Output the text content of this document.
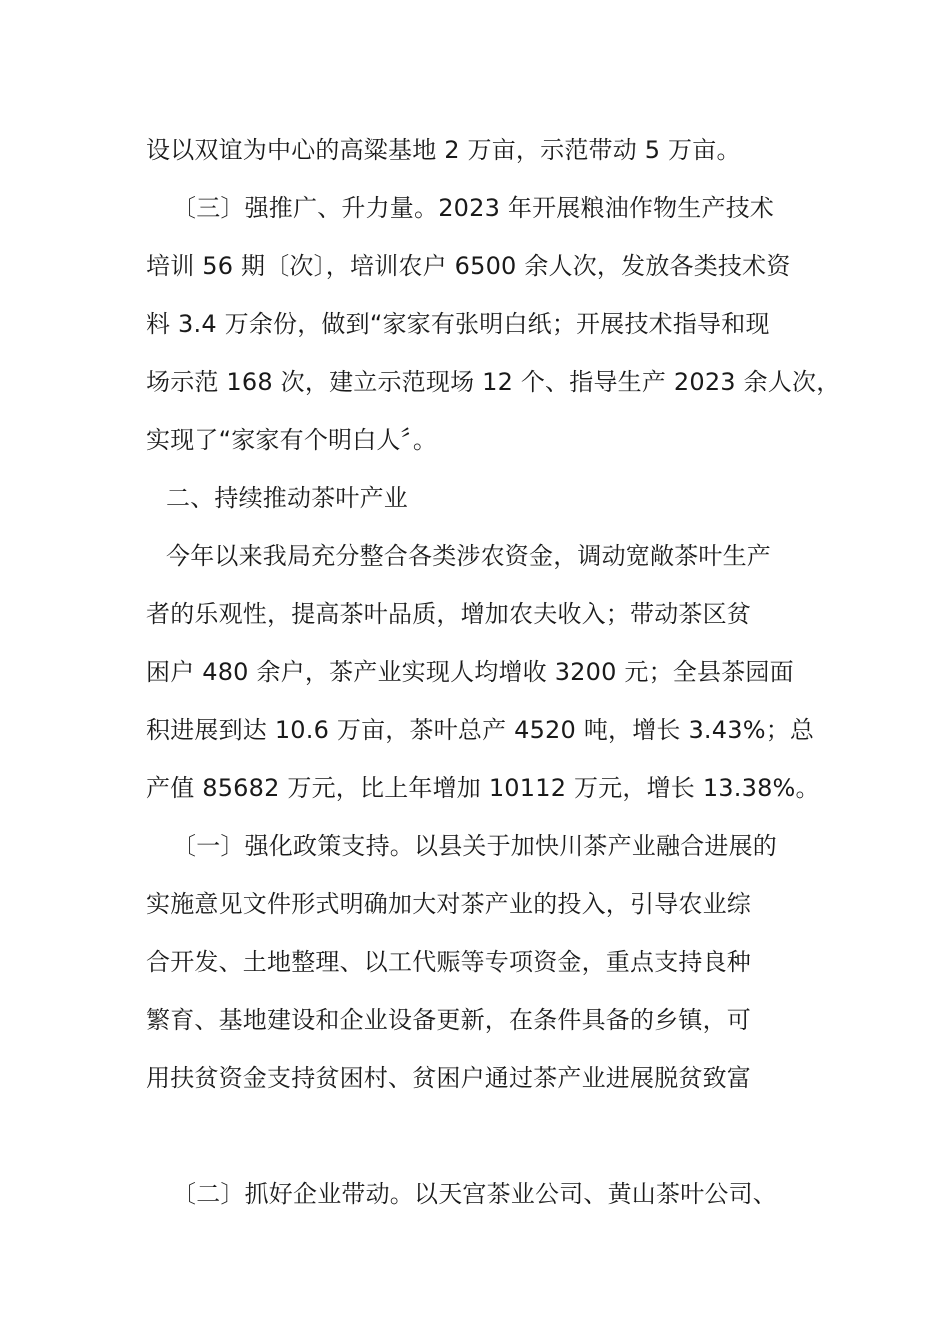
设以双谊为中心的高粱基地 2 万亩，示范带动 5 万亩。
〔三〕强推广、升力量。2023 年开展粮油作物生产技术
培训 56 期〔次〕，培训农户 6500 余人次，发放各类技术资
料 3.4 万余份，做到“家家有张明白纸；开展技术指导和现
场示范 168 次，建立示范现场 12 个、指导生产 2023 余人次，
实现了“家家有个明白人〞。
二、持续推动茶叶产业
今年以来我局充分整合各类涉农资金，调动宽敞茶叶生产
者的乐观性，提高茶叶品质，增加农夫收入；带动茶区贫
困户 480 余户，茶产业实现人均增收 3200 元；全县茶园面
积进展到达 10.6 万亩，茶叶总产 4520 吨，增长 3.43%；总
产值 85682 万元，比上年增加 10112 万元，增长 13.38%。
〔一〕强化政策支持。以县关于加快川茶产业融合进展的
实施意见文件形式明确加大对茶产业的投入，引导农业综
合开发、土地整理、以工代赈等专项资金，重点支持良种
繁育、基地建设和企业设备更新，在条件具备的乡镇，可
用扶贫资金支持贫困村、贫困户通过茶产业进展脱贫致富
〔二〕抓好企业带动。以天宫茶业公司、黄山茶叶公司、
